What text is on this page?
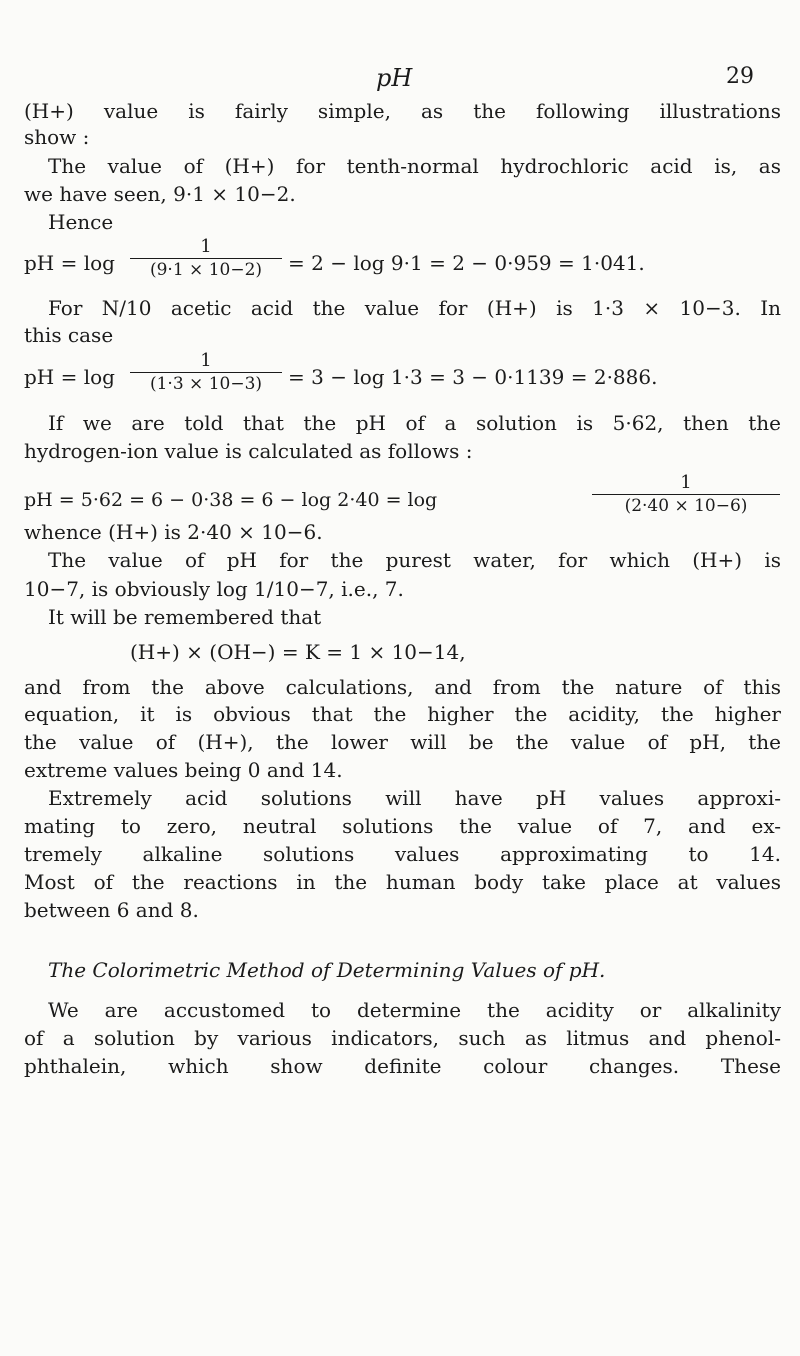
pH	29
(H+) value is fairly simple, as the following illustrations
show :
The value of (H+) for tenth-normal hydrochloric acid is, as
we have seen, 9·1 × 10−2.
Hence
pH = log
1
(9·1 × 10−2)	= 2 − log 9·1 = 2 − 0·959 = 1·041.
For N/10 acetic acid the value for (H+) is 1·3 × 10−3. In
this case
pH = log
1
(1·3 × 10−3)	= 3 − log 1·3 = 3 − 0·1139 = 2·886.
If we are told that the pH of a solution is 5·62, then the
hydrogen-ion value is calculated as follows :
pH = 5·62 = 6 − 0·38 = 6 − log 2·40 = log
1
(2·40 × 10−6)
whence (H+) is 2·40 × 10−6.
The value of pH for the purest water, for which (H+) is
10−7, is obviously log 1/10−7, i.e., 7.
It will be remembered that
(H+) × (OH−) = K = 1 × 10−14,
and from the above calculations, and from the nature of this
equation, it is obvious that the higher the acidity, the higher
the value of (H+), the lower will be the value of pH, the
extreme values being 0 and 14.
Extremely acid solutions will have pH values approxi-
mating to zero, neutral solutions the value of 7, and ex-
tremely alkaline solutions values approximating to 14.
Most of the reactions in the human body take place at values
between 6 and 8.
The Colorimetric Method of Determining Values of pH.
We are accustomed to determine the acidity or alkalinity
of a solution by various indicators, such as litmus and phenol-
phthalein, which show definite colour changes. These
